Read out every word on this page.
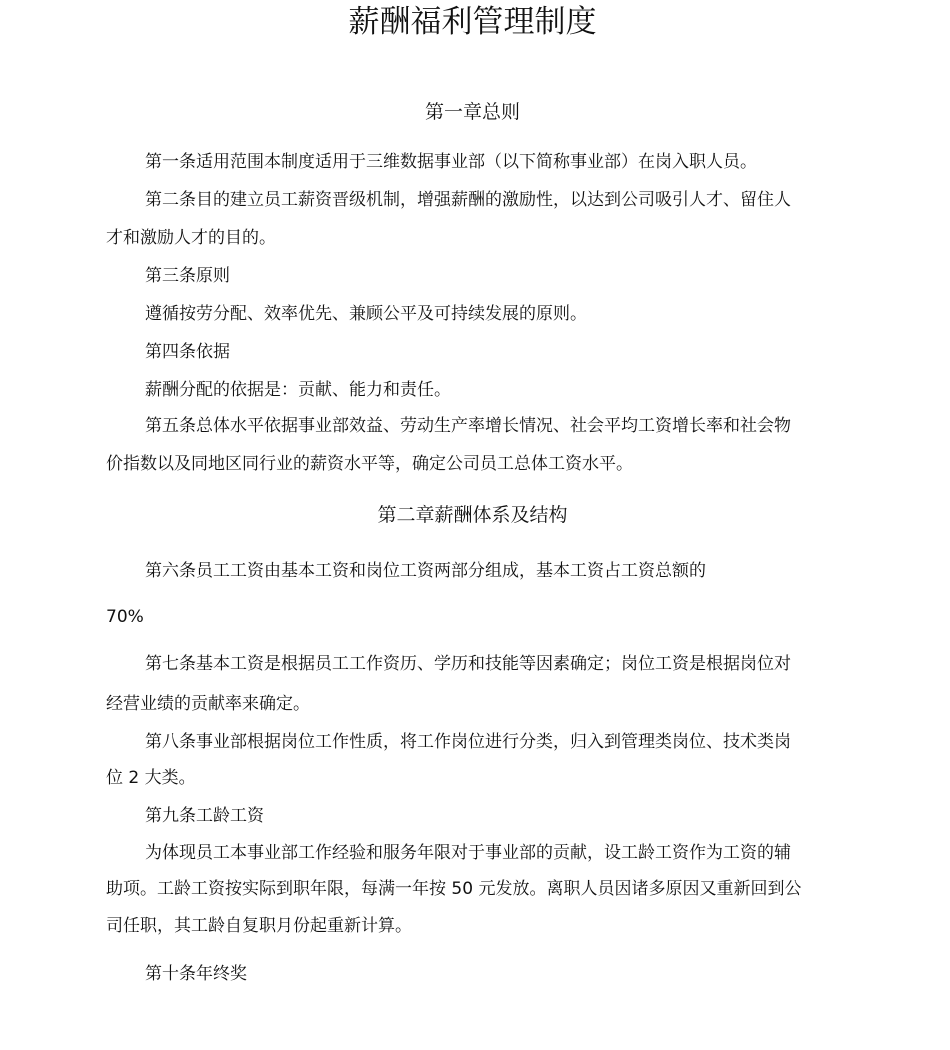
薪酬福利管理制度
第一章总则

第一条适用范围本制度适用于三维数据事业部（以下简称事业部）在岗入职人员。

第二条目的建立员工薪资晋级机制，增强薪酬的激励性，以达到公司吸引人才、留住人

才和激励人才的目的。

第三条原则

遵循按劳分配、效率优先、兼顾公平及可持续发展的原则。

第四条依据

薪酬分配的依据是：贡献、能力和责任。

第五条总体水平依据事业部效益、劳动生产率增长情况、社会平均工资增长率和社会物

价指数以及同地区同行业的薪资水平等，确定公司员工总体工资水平。

第二章薪酬体系及结构

第六条员工工资由基本工资和岗位工资两部分组成，基本工资占工资总额的

70%

第七条基本工资是根据员工工作资历、学历和技能等因素确定；岗位工资是根据岗位对

经营业绩的贡献率来确定。

第八条事业部根据岗位工作性质，将工作岗位进行分类，归入到管理类岗位、技术类岗

位 2 大类。

第九条工龄工资

为体现员工本事业部工作经验和服务年限对于事业部的贡献，设工龄工资作为工资的辅

助项。工龄工资按实际到职年限，每满一年按 50 元发放。离职人员因诸多原因又重新回到公

司任职，其工龄自复职月份起重新计算。

第十条年终奖
